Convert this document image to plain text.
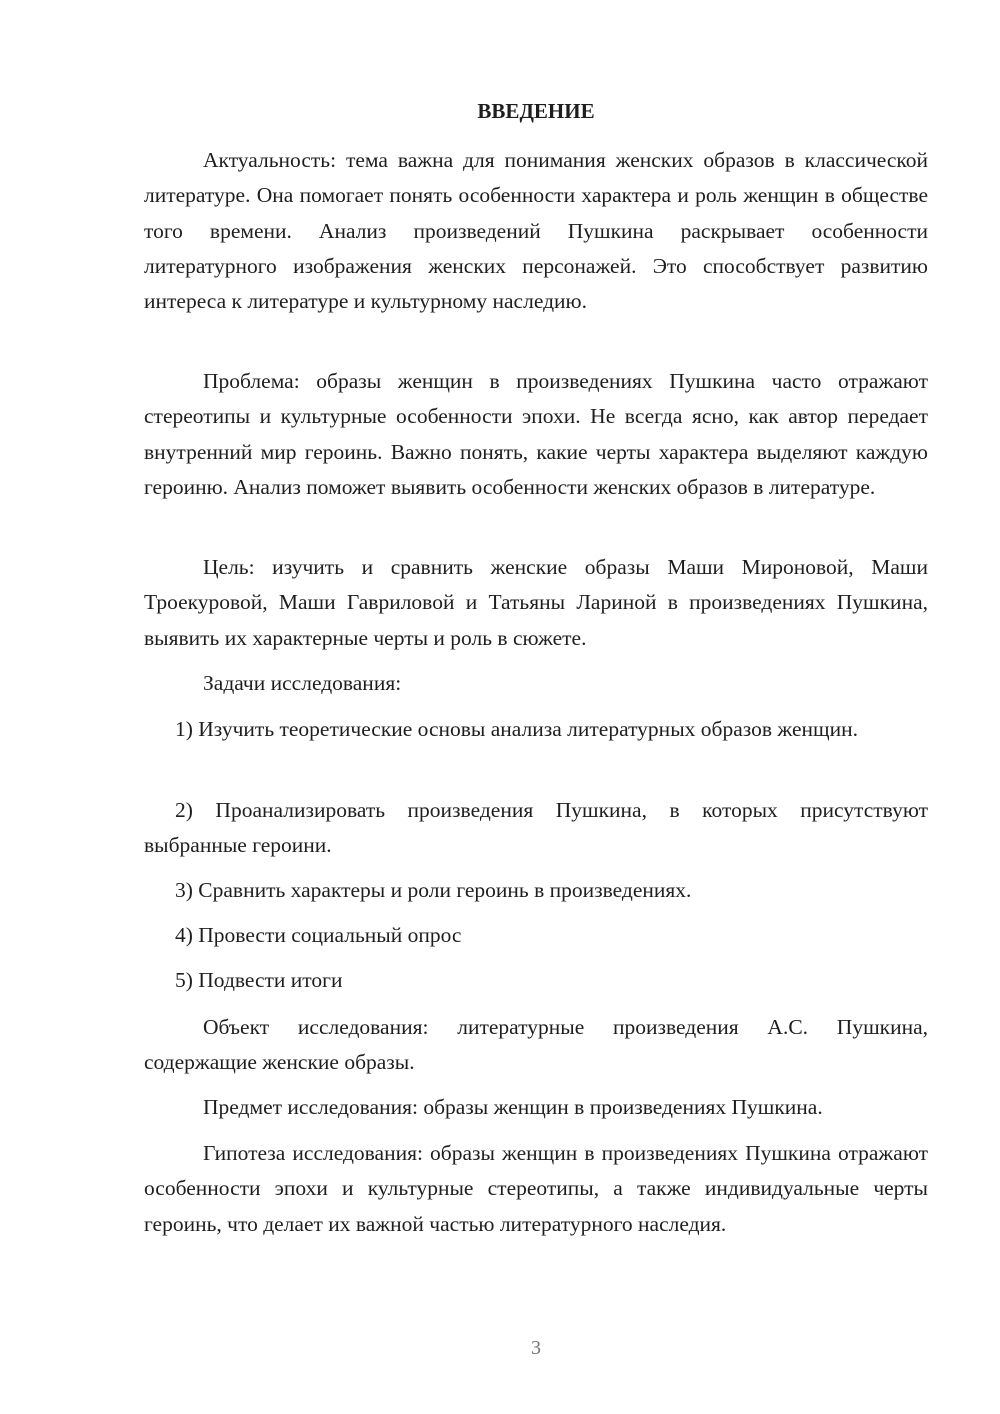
ВВЕДЕНИЕ

Актуальность: тема важна для понимания женских образов в классической литературе. Она помогает понять особенности характера и роль женщин в обществе того времени. Анализ произведений Пушкина раскрывает особенности литературного изображения женских персонажей. Это способствует развитию интереса к литературе и культурному наследию.

Проблема: образы женщин в произведениях Пушкина часто отражают стереотипы и культурные особенности эпохи. Не всегда ясно, как автор передает внутренний мир героинь. Важно понять, какие черты характера выделяют каждую героиню. Анализ поможет выявить особенности женских образов в литературе.

Цель: изучить и сравнить женские образы Маши Мироновой, Маши Троекуровой, Маши Гавриловой и Татьяны Лариной в произведениях Пушкина, выявить их характерные черты и роль в сюжете.

Задачи исследования:

1) Изучить теоретические основы анализа литературных образов женщин.

2) Проанализировать произведения Пушкина, в которых присутствуют выбранные героини.

3) Сравнить характеры и роли героинь в произведениях.

4) Провести социальный опрос

5) Подвести итоги

Объект исследования: литературные произведения А.С. Пушкина, содержащие женские образы.

Предмет исследования: образы женщин в произведениях Пушкина.

Гипотеза исследования: образы женщин в произведениях Пушкина отражают особенности эпохи и культурные стереотипы, а также индивидуальные черты героинь, что делает их важной частью литературного наследия.

3
